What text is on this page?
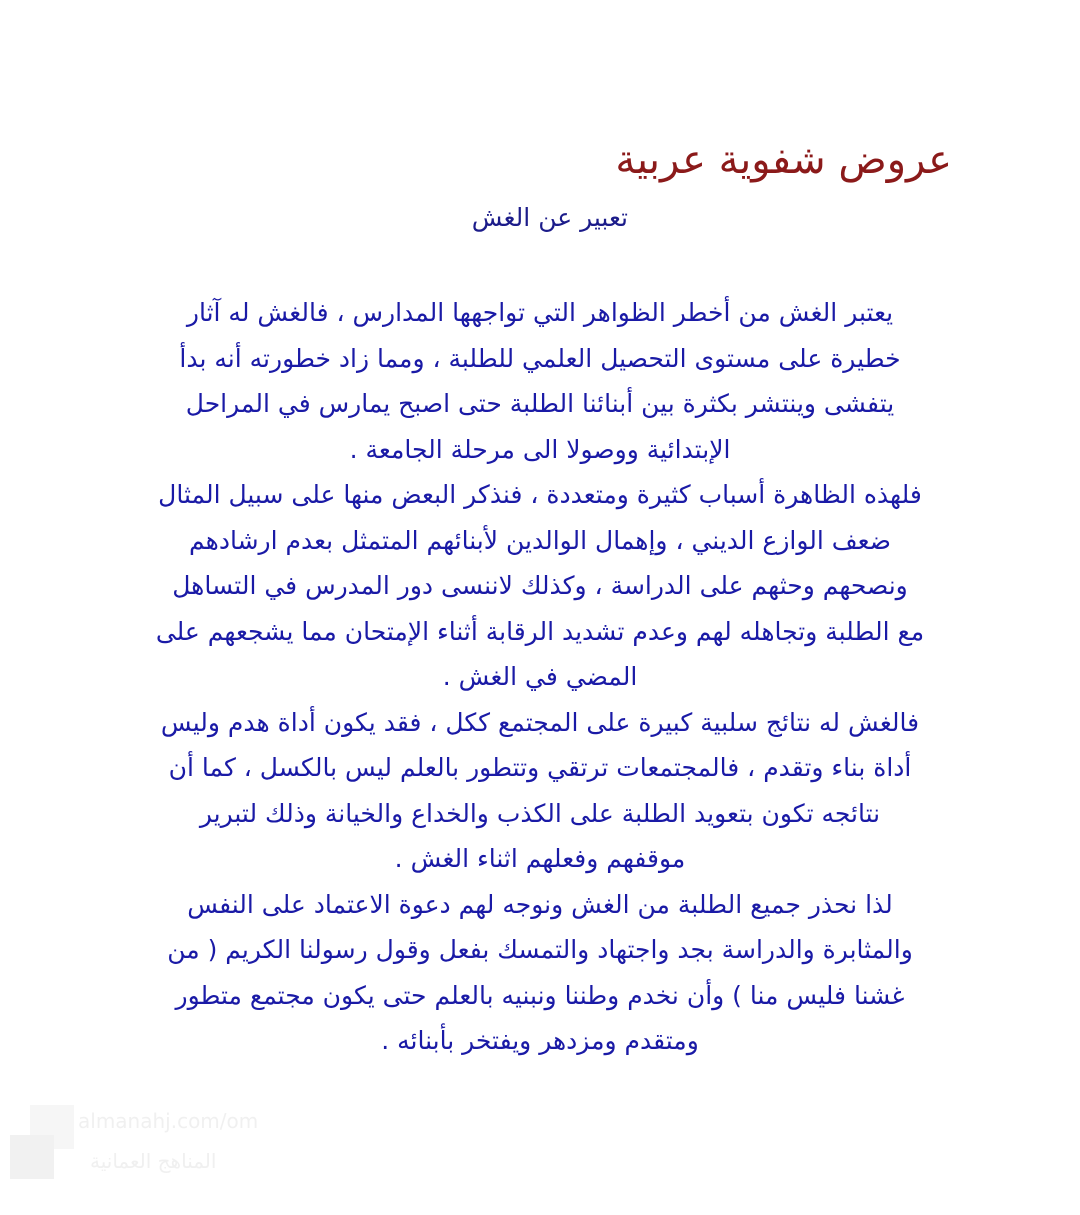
عروض شفوية عربية
تعبير عن الغش

يعتبر الغش من أخطر الظواهر التي تواجهها المدارس ، فالغش له آثار
خطيرة على مستوى التحصيل العلمي للطلبة ، ومما زاد خطورته أنه بدأ
يتفشى وينتشر بكثرة بين أبنائنا الطلبة حتى اصبح يمارس في المراحل
الإبتدائية ووصولا الى مرحلة الجامعة .

فلهذه الظاهرة أسباب كثيرة ومتعددة ، فنذكر البعض منها على سبيل المثال
ضعف الوازع الديني ، وإهمال الوالدين لأبنائهم المتمثل بعدم ارشادهم
ونصحهم وحثهم على الدراسة ، وكذلك لاننسى دور المدرس في التساهل
مع الطلبة وتجاهله لهم وعدم تشديد الرقابة أثناء الإمتحان مما يشجعهم على
المضي في الغش .

فالغش له نتائج سلبية كبيرة على المجتمع ككل ، فقد يكون أداة هدم وليس
أداة بناء وتقدم ، فالمجتمعات ترتقي وتتطور بالعلم ليس بالكسل ، كما أن
نتائجه تكون بتعويد الطلبة على الكذب والخداع والخيانة وذلك لتبرير
موقفهم وفعلهم اثناء الغش .

لذا نحذر جميع الطلبة من الغش ونوجه لهم دعوة الاعتماد على النفس
والمثابرة والدراسة بجد واجتهاد والتمسك بفعل وقول رسولنا الكريم ( من
غشنا فليس منا ) وأن نخدم وطننا ونبنيه بالعلم حتى يكون مجتمع متطور
ومتقدم ومزدهر ويفتخر بأبنائه .

almanahj.com/om
المناهج العمانية
